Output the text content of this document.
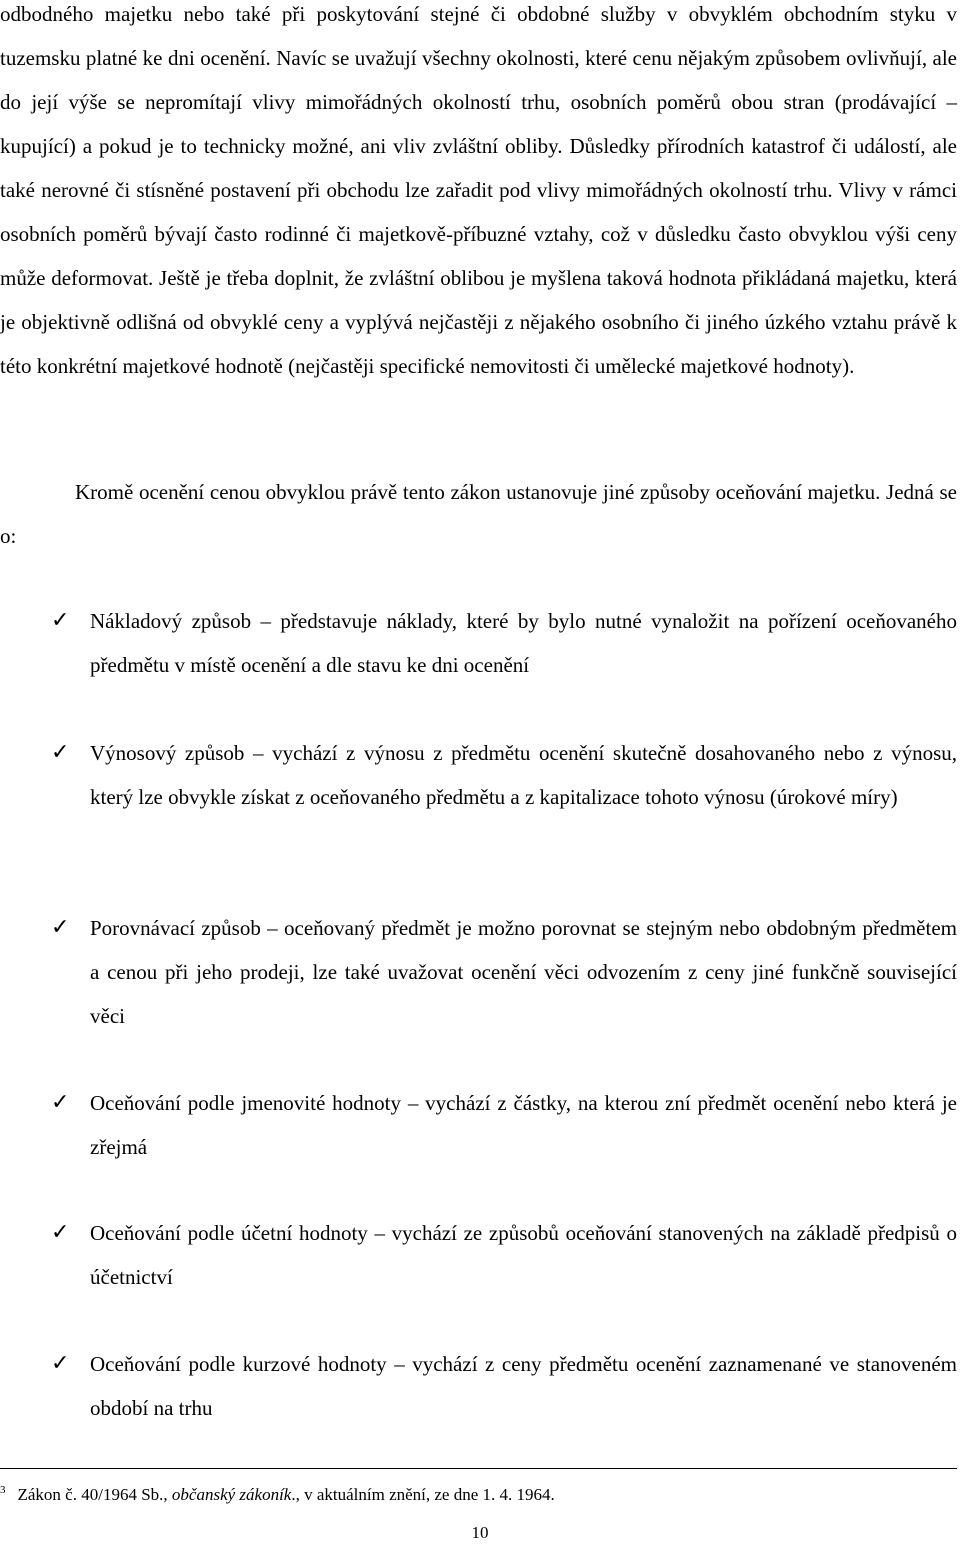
odbodného majetku nebo také při poskytování stejné či obdobné služby v obvyklém obchodním styku v tuzemsku platné ke dni ocenění. Navíc se uvažují všechny okolnosti, které cenu nějakým způsobem ovlivňují, ale do její výše se nepromítají vlivy mimořádných okolností trhu, osobních poměrů obou stran (prodávající – kupující) a pokud je to technicky možné, ani vliv zvláštní obliby. Důsledky přírodních katastrof či událostí, ale také nerovné či stísněné postavení při obchodu lze zařadit pod vlivy mimořádných okolností trhu. Vlivy v rámci osobních poměrů bývají často rodinné či majetkově-příbuzné vztahy, což v důsledku často obvyklou výši ceny může deformovat. Ještě je třeba doplnit, že zvláštní oblibou je myšlena taková hodnota přikládaná majetku, která je objektivně odlišná od obvyklé ceny a vyplývá nejčastěji z nějakého osobního či jiného úzkého vztahu právě k této konkrétní majetkové hodnotě (nejčastěji specifické nemovitosti či umělecké majetkové hodnoty).

Kromě ocenění cenou obvyklou právě tento zákon ustanovuje jiné způsoby oceňování majetku. Jedná se o:

✓ Nákladový způsob – představuje náklady, které by bylo nutné vynaložit na pořízení oceňovaného předmětu v místě ocenění a dle stavu ke dni ocenění

✓ Výnosový způsob – vychází z výnosu z předmětu ocenění skutečně dosahovaného nebo z výnosu, který lze obvykle získat z oceňovaného předmětu a z kapitalizace tohoto výnosu (úrokové míry)

✓ Porovnávací způsob – oceňovaný předmět je možno porovnat se stejným nebo obdobným předmětem a cenou při jeho prodeji, lze také uvažovat ocenění věci odvozením z ceny jiné funkčně související věci

✓ Oceňování podle jmenovité hodnoty – vychází z částky, na kterou zní předmět ocenění nebo která je zřejmá

✓ Oceňování podle účetní hodnoty – vychází ze způsobů oceňování stanovených na základě předpisů o účetnictví

✓ Oceňování podle kurzové hodnoty – vychází z ceny předmětu ocenění zaznamenané ve stanoveném období na trhu

$^3$ Zákon č. 40/1964 Sb., občanský zákoník., v aktuálním znění, ze dne 1. 4. 1964.

10
